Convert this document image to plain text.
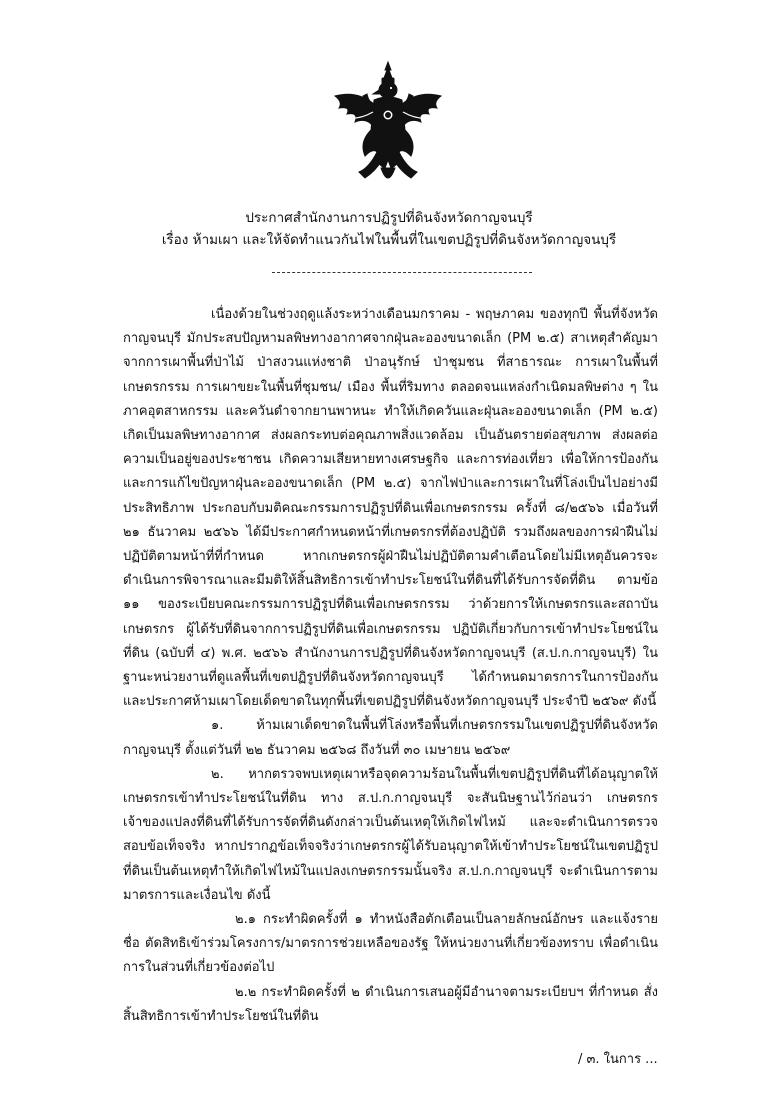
ประกาศสำนักงานการปฏิรูปที่ดินจังหวัดกาญจนบุรี
เรื่อง ห้ามเผา และให้จัดทำแนวกันไฟในพื้นที่ในเขตปฏิรูปที่ดินจังหวัดกาญจนบุรี

เนื่องด้วยในช่วงฤดูแล้งระหว่างเดือนมกราคม - พฤษภาคม ของทุกปี พื้นที่จังหวัดกาญจนบุรี มักประสบปัญหามลพิษทางอากาศจากฝุ่นละอองขนาดเล็ก (PM ๒.๕) สาเหตุสำคัญมาจากการเผาพื้นที่ป่าไม้ ป่าสงวนแห่งชาติ ป่าอนุรักษ์ ป่าชุมชน ที่สาธารณะ การเผาในพื้นที่เกษตรกรรม การเผาขยะในพื้นที่ชุมชน/ เมือง พื้นที่ริมทาง ตลอดจนแหล่งกำเนิดมลพิษต่าง ๆ ในภาคอุตสาหกรรม และควันดำจากยานพาหนะ ทำให้เกิดควันและฝุ่นละอองขนาดเล็ก (PM ๒.๕) เกิดเป็นมลพิษทางอากาศ ส่งผลกระทบต่อคุณภาพสิ่งแวดล้อม เป็นอันตรายต่อสุขภาพ ส่งผลต่อความเป็นอยู่ของประชาชน เกิดความเสียหายทางเศรษฐกิจ และการท่องเที่ยว เพื่อให้การป้องกันและการแก้ไขปัญหาฝุ่นละอองขนาดเล็ก (PM ๒.๕) จากไฟป่าและการเผาในที่โล่งเป็นไปอย่างมีประสิทธิภาพ ประกอบกับมติคณะกรรมการปฏิรูปที่ดินเพื่อเกษตรกรรม ครั้งที่ ๘/๒๕๖๖ เมื่อวันที่ ๒๑ ธันวาคม ๒๕๖๖ ได้มีประกาศกำหนดหน้าที่เกษตรกรที่ต้องปฏิบัติ รวมถึงผลของการฝ่าฝืนไม่ปฏิบัติตามหน้าที่ที่กำหนด หากเกษตรกรผู้ฝ่าฝืนไม่ปฏิบัติตามคำเตือนโดยไม่มีเหตุอันควรจะดำเนินการพิจารณาและมีมติให้สิ้นสิทธิการเข้าทำประโยชน์ในที่ดินที่ได้รับการจัดที่ดิน ตามข้อ ๑๑ ของระเบียบคณะกรรมการปฏิรูปที่ดินเพื่อเกษตรกรรม ว่าด้วยการให้เกษตรกรและสถาบันเกษตรกร ผู้ได้รับที่ดินจากการปฏิรูปที่ดินเพื่อเกษตรกรรม ปฏิบัติเกี่ยวกับการเข้าทำประโยชน์ในที่ดิน (ฉบับที่ ๔) พ.ศ. ๒๕๖๖ สำนักงานการปฏิรูปที่ดินจังหวัดกาญจนบุรี (ส.ป.ก.กาญจนบุรี) ในฐานะหน่วยงานที่ดูแลพื้นที่เขตปฏิรูปที่ดินจังหวัดกาญจนบุรี ได้กำหนดมาตรการในการป้องกัน และประกาศห้ามเผาโดยเด็ดขาดในทุกพื้นที่เขตปฏิรูปที่ดินจังหวัดกาญจนบุรี ประจำปี ๒๕๖๙ ดังนี้

๑. ห้ามเผาเด็ดขาดในพื้นที่โล่งหรือพื้นที่เกษตรกรรมในเขตปฏิรูปที่ดินจังหวัด กาญจนบุรี ตั้งแต่วันที่ ๒๒ ธันวาคม ๒๕๖๘ ถึงวันที่ ๓๐ เมษายน ๒๕๖๙

๒. หากตรวจพบเหตุเผาหรือจุดความร้อนในพื้นที่เขตปฏิรูปที่ดินที่ได้อนุญาตให้เกษตรกรเข้าทำประโยชน์ในที่ดิน ทาง ส.ป.ก.กาญจนบุรี จะสันนิษฐานไว้ก่อนว่า เกษตรกรเจ้าของแปลงที่ดินที่ได้รับการจัดที่ดินดังกล่าวเป็นต้นเหตุให้เกิดไฟไหม้ และจะดำเนินการตรวจสอบข้อเท็จจริง หากปรากฏข้อเท็จจริงว่าเกษตรกรผู้ได้รับอนุญาตให้เข้าทำประโยชน์ในเขตปฏิรูปที่ดินเป็นต้นเหตุทำให้เกิดไฟไหม้ในแปลงเกษตรกรรมนั้นจริง ส.ป.ก.กาญจนบุรี จะดำเนินการตามมาตรการและเงื่อนไข ดังนี้

๒.๑ กระทำผิดครั้งที่ ๑ ทำหนังสือตักเตือนเป็นลายลักษณ์อักษร และแจ้งรายชื่อ ตัดสิทธิเข้าร่วมโครงการ/มาตรการช่วยเหลือของรัฐ ให้หน่วยงานที่เกี่ยวข้องทราบ เพื่อดำเนินการในส่วนที่เกี่ยวข้องต่อไป

๒.๒ กระทำผิดครั้งที่ ๒ ดำเนินการเสนอผู้มีอำนาจตามระเบียบฯ ที่กำหนด สั่งสิ้นสิทธิการเข้าทำประโยชน์ในที่ดิน

/ ๓. ในการ ...
